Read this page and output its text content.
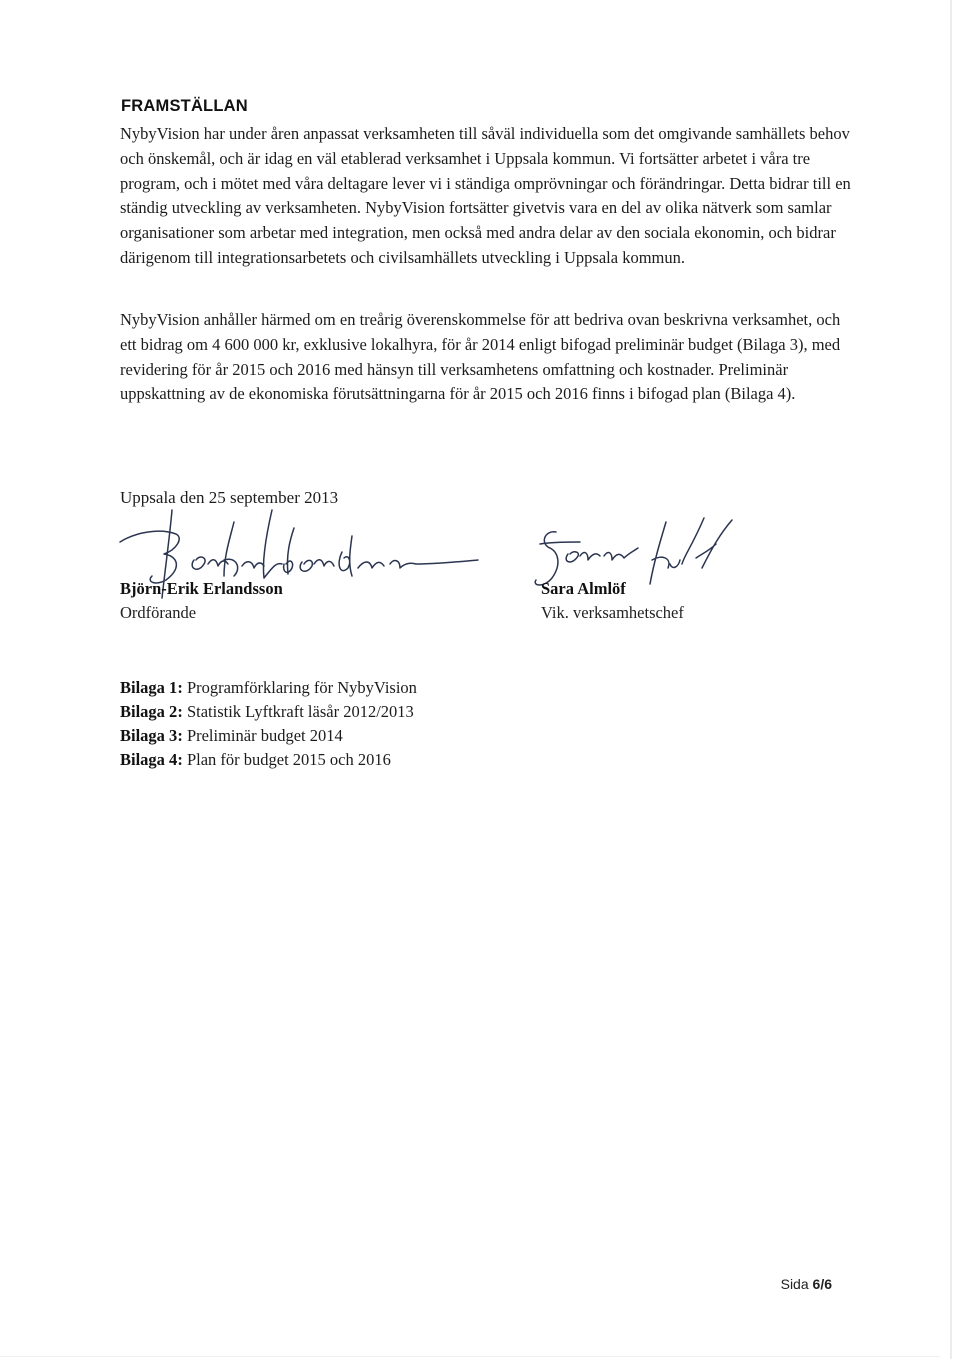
FRAMSTÄLLAN
NybyVision har under åren anpassat verksamheten till såväl individuella som det omgivande samhällets behov och önskemål, och är idag en väl etablerad verksamhet i Uppsala kommun. Vi fortsätter arbetet i våra tre program, och i mötet med våra deltagare lever vi i ständiga omprövningar och förändringar. Detta bidrar till en ständig utveckling av verksamheten. NybyVision fortsätter givetvis vara en del av olika nätverk som samlar organisationer som arbetar med integration, men också med andra delar av den sociala ekonomin, och bidrar därigenom till integrationsarbetets och civilsamhällets utveckling i Uppsala kommun.
NybyVision anhåller härmed om en treårig överenskommelse för att bedriva ovan beskrivna verksamhet, och ett bidrag om 4 600 000 kr, exklusive lokalhyra, för år 2014 enligt bifogad preliminär budget (Bilaga 3), med revidering för år 2015 och 2016 med hänsyn till verksamhetens omfattning och kostnader. Preliminär uppskattning av de ekonomiska förutsättningarna för år 2015 och 2016 finns i bifogad plan (Bilaga 4).
Uppsala den 25 september 2013
Björn-Erik Erlandsson
Ordförande
Sara Almlöf
Vik. verksamhetschef
Bilaga 1: Programförklaring för NybyVision
Bilaga 2: Statistik Lyftkraft läsår 2012/2013
Bilaga 3: Preliminär budget 2014
Bilaga 4: Plan för budget 2015 och 2016
Sida 6/6
